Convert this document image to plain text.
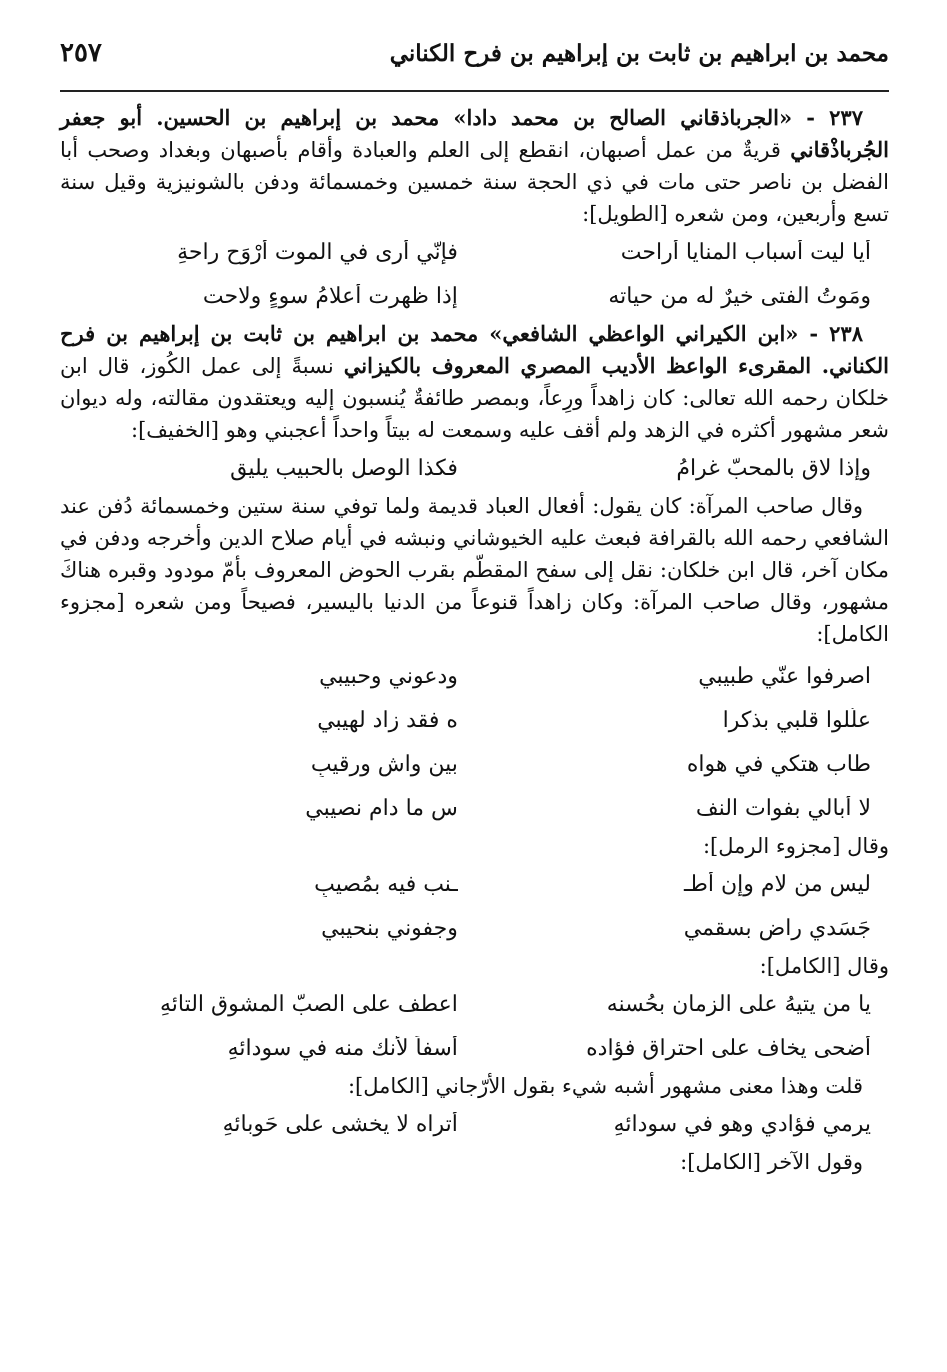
محمد بن ابراهيم بن ثابت بن إبراهيم بن فرح الكناني
٢٥٧

٢٣٧ - «الجرباذقاني الصالح بن محمد دادا» محمد بن إبراهيم بن الحسين. أبو جعفر الجُرباذْقاني قريةٌ من عمل أصبهان، انقطع إلى العلم والعبادة وأقام بأصبهان وبغداد وصحب أبا الفضل بن ناصر حتى مات في ذي الحجة سنة خمسين وخمسمائة ودفن بالشونيزية وقيل سنة تسع وأربعين، ومن شعره [الطويل]:

أيا ليت أسباب المنايا أراحت
فإنّي أرى في الموت أَرْوَح راحةِ
ومَوتُ الفتى خيرٌ له من حياته
إذا ظهرت أعلامُ سوءٍ ولاحت

٢٣٨ - «ابن الكيراني الواعظي الشافعي» محمد بن ابراهيم بن ثابت بن إبراهيم بن فرح الكناني. المقرىء الواعظ الأديب المصري المعروف بالكيزاني نسبةً إلى عمل الكُوز، قال ابن خلكان رحمه الله تعالى: كان زاهداً ورِعاً، وبمصر طائفةٌ يُنسبون إليه ويعتقدون مقالته، وله ديوان شعر مشهور أكثره في الزهد ولم أقف عليه وسمعت له بيتاً واحداً أعجبني وهو [الخفيف]:

وإذا لاق بالمحبّ غرامُ
فكذا الوصل بالحبيب يليق

وقال صاحب المرآة: كان يقول: أفعال العباد قديمة ولما توفي سنة ستين وخمسمائة دُفن عند الشافعي رحمه الله بالقرافة فبعث عليه الخيوشاني ونبشه في أيام صلاح الدين وأخرجه ودفن في مكان آخر، قال ابن خلكان: نقل إلى سفح المقطّم بقرب الحوض المعروف بأمّ مودود وقبره هناكَ مشهور، وقال صاحب المرآة: وكان زاهداً قنوعاً من الدنيا باليسير، فصيحاً ومن شعره [مجزوء الكامل]:

اصرفوا عنّي طبيبي
ودعوني وحبيبي
علّلوا قلبي بذكرا
ه فقد زاد لهيبي
طاب هتكي في هواه
بين واشٍ ورقيبِ
لا أبالي بفوات النف
س ما دام نصيبي
وقال [مجزوء الرمل]:
ليس من لام وإن أطـ
ـنب فيه بمُصيبِ
جَسَدي راضٍ بسقمي
وجفوني بنحيبي
وقال [الكامل]:
يا من يتيهُ على الزمان بحُسنه
اعطف على الصبّ المشوق التائهِ
أضحى يخاف على احتراق فؤاده
أسفاً لأنك منه في سودائهِ
قلت وهذا معنى مشهور أشبه شيء بقول الأرّجاني [الكامل]:
يرمي فؤادي وهو في سودائهِ
أتراه لا يخشى على حَوبائهِ
وقول الآخر [الكامل]:
